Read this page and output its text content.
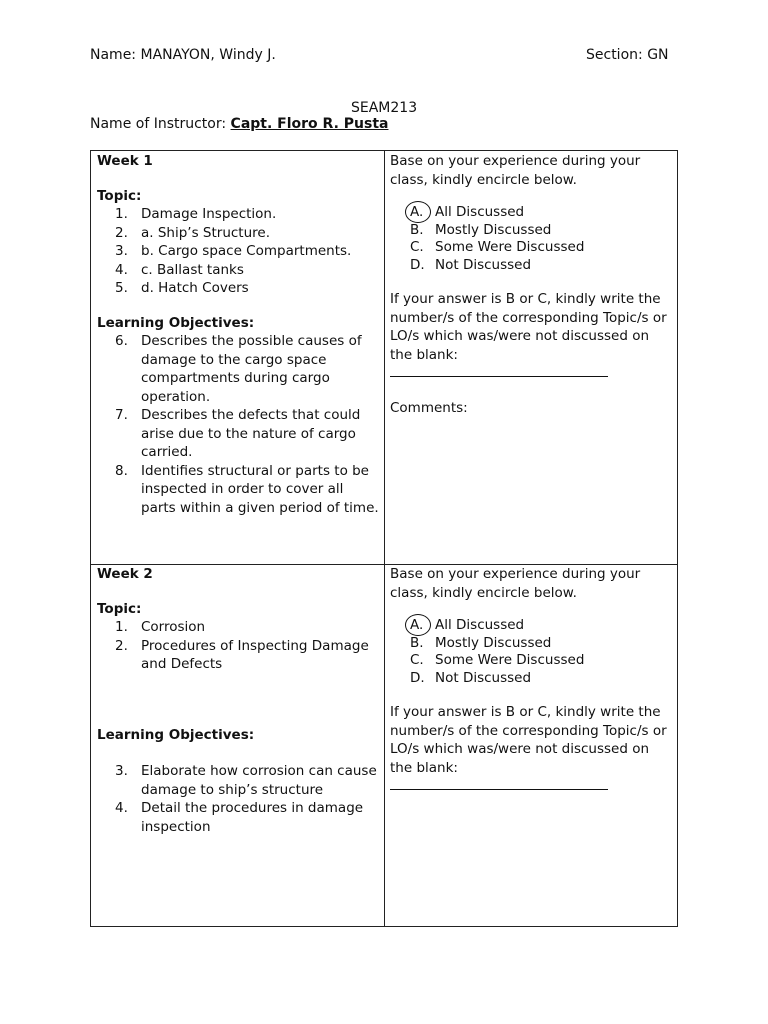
Name: MANAYON, Windy J.	Section: GN
SEAM213
Name of Instructor: Capt. Floro R. Pusta
Week 1
Topic:
1. Damage Inspection.
2. a. Ship’s Structure.
3. b. Cargo space Compartments.
4. c. Ballast tanks
5. d. Hatch Covers
Learning Objectives:
6. Describes the possible causes of damage to the cargo space compartments during cargo operation.
7. Describes the defects that could arise due to the nature of cargo carried.
8. Identifies structural or parts to be inspected in order to cover all parts within a given period of time.
Base on your experience during your class, kindly encircle below.
A. All Discussed
B. Mostly Discussed
C. Some Were Discussed
D. Not Discussed
If your answer is B or C, kindly write the number/s of the corresponding Topic/s or LO/s which was/were not discussed on the blank:
Comments:
Week 2
Topic:
1. Corrosion
2. Procedures of Inspecting Damage and Defects
Learning Objectives:
3. Elaborate how corrosion can cause damage to ship’s structure
4. Detail the procedures in damage inspection
Base on your experience during your class, kindly encircle below.
A. All Discussed
B. Mostly Discussed
C. Some Were Discussed
D. Not Discussed
If your answer is B or C, kindly write the number/s of the corresponding Topic/s or LO/s which was/were not discussed on the blank:
